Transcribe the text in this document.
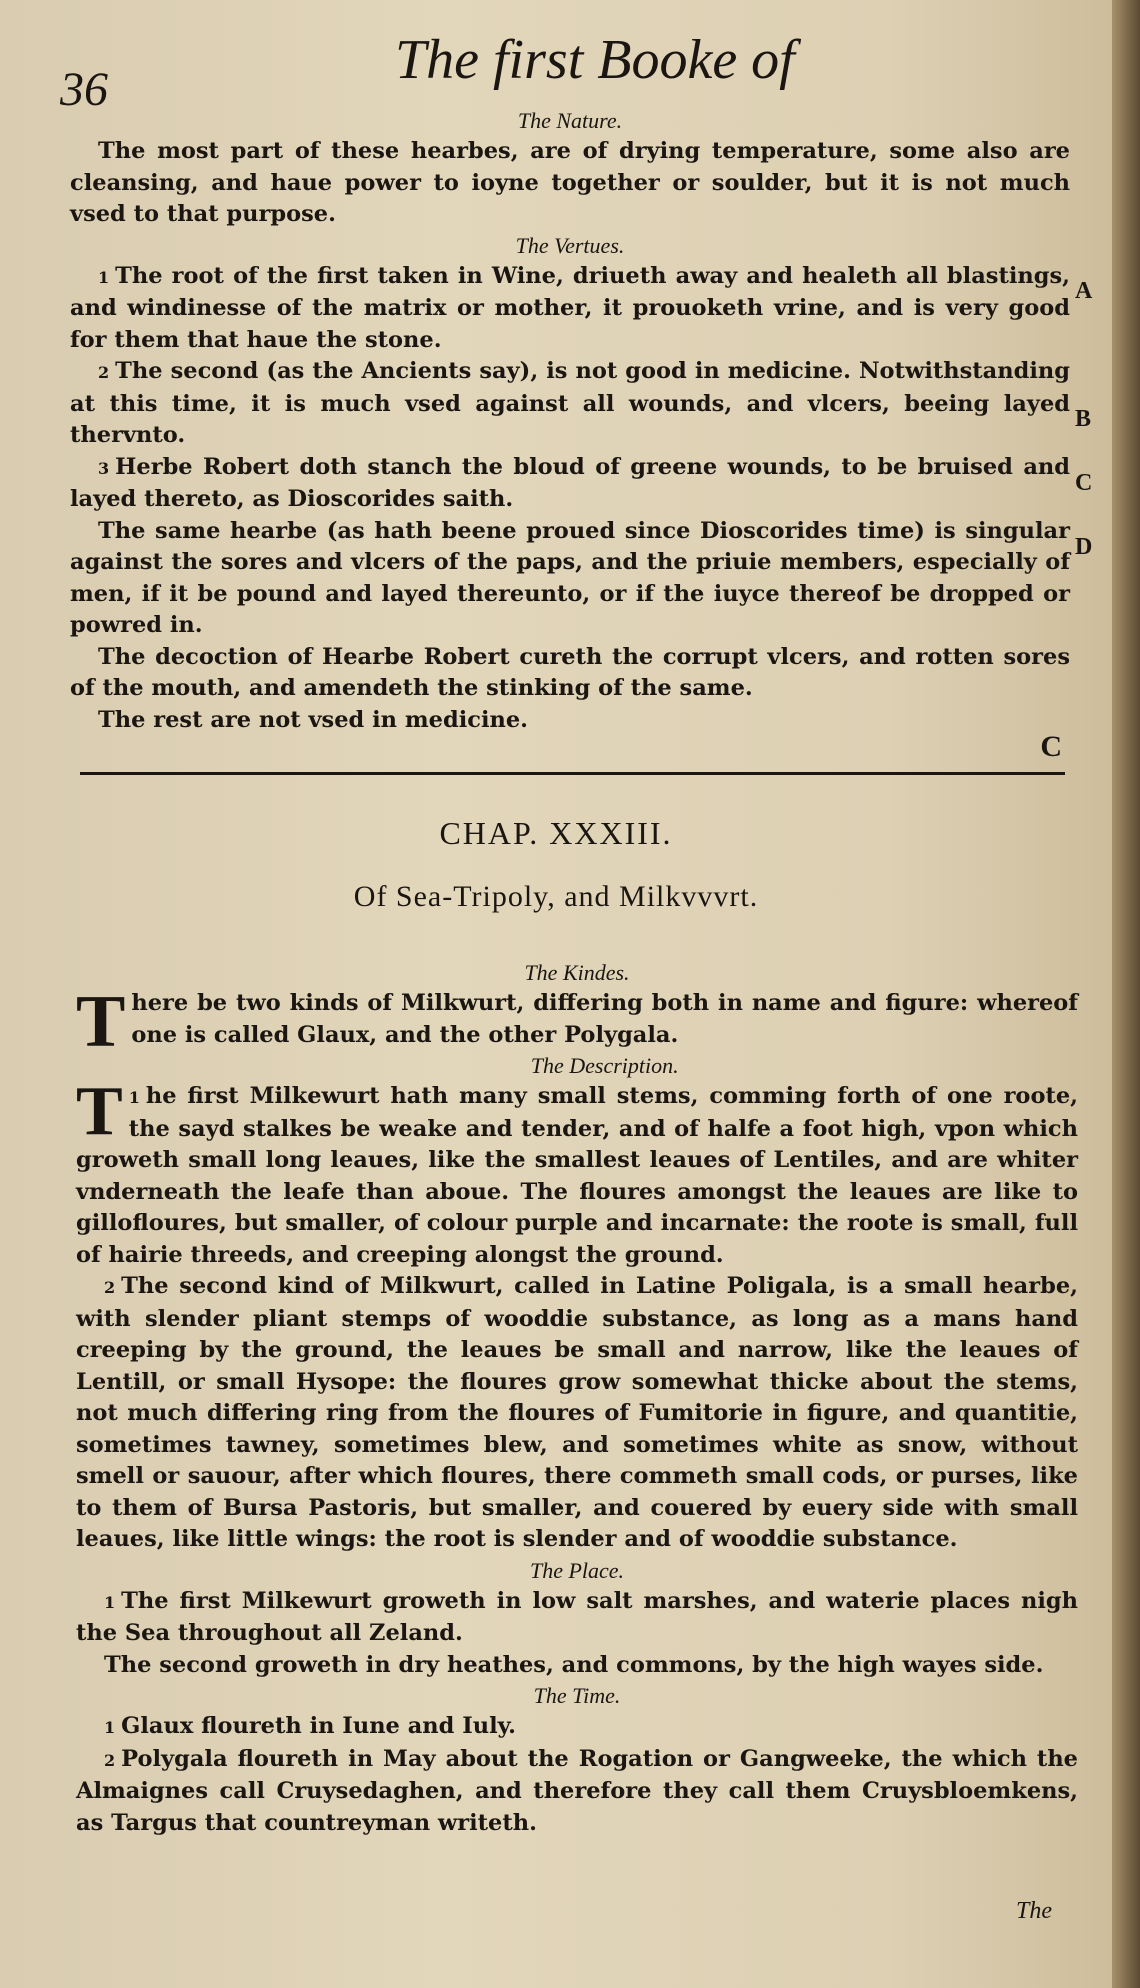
36	The first Booke of
The Nature.

The most part of these hearbes, are of drying temperature, some also are cleansing, and haue power to ioyne together or soulder, but it is not much vsed to that purpose.

The Vertues.

1 The root of the first taken in Wine, driueth away and healeth all blastings, and windinesse of the matrix or mother, it prouoketh vrine, and is very good for them that haue the stone.

2 The second (as the Ancients say), is not good in medicine. Notwithstanding at this time, it is much vsed against all wounds, and vlcers, beeing layed thervnto.

3 Herbe Robert doth stanch the bloud of greene wounds, to be bruised and layed thereto, as Dioscorides saith.

The same hearbe (as hath beene proued since Dioscorides time) is singular against the sores and vlcers of the paps, and the priuie members, especially of men, if it be pound and layed thereunto, or if the iuyce thereof be dropped or powred in.

The decoction of Hearbe Robert cureth the corrupt vlcers, and rotten sores of the mouth, and amendeth the stinking of the same.

The rest are not vsed in medicine.

A
B
C
D
C
CHAP. XXXIII.
Of Sea-Tripoly, and Milkvvvrt.
The Kindes.

There be two kinds of Milkwurt, differing both in name and figure: whereof one is called Glaux, and the other Polygala.

The Description.

1
T he first Milkewurt hath many small stems, comming forth of one roote, the sayd stalkes be weake and tender, and of halfe a foot high, vpon which groweth small long leaues, like the smallest leaues of Lentiles, and are whiter vnderneath the leafe than aboue. The floures amongst the leaues are like to gillofloures, but smaller, of colour purple and incarnate: the roote is small, full of hairie threeds, and creeping alongst the ground.

2 The second kind of Milkwurt, called in Latine Poligala, is a small hearbe, with slender pliant stemps of wooddie substance, as long as a mans hand creeping by the ground, the leaues be small and narrow, like the leaues of Lentill, or small Hysope: the floures grow somewhat thicke about the stems, not much differing ring from the floures of Fumitorie in figure, and quantitie, sometimes tawney, sometimes blew, and sometimes white as snow, without smell or sauour, after which floures, there commeth small cods, or purses, like to them of Bursa Pastoris, but smaller, and couered by euery side with small leaues, like little wings: the root is slender and of wooddie substance.

The Place.

1 The first Milkewurt groweth in low salt marshes, and waterie places nigh the Sea throughout all Zeland.

The second groweth in dry heathes, and commons, by the high wayes side.

The Time.

1 Glaux floureth in Iune and Iuly.

2 Polygala floureth in May about the Rogation or Gangweeke, the which the Almaignes call Cruysedaghen, and therefore they call them Cruysbloemkens, as Targus that countreyman writeth.

The
